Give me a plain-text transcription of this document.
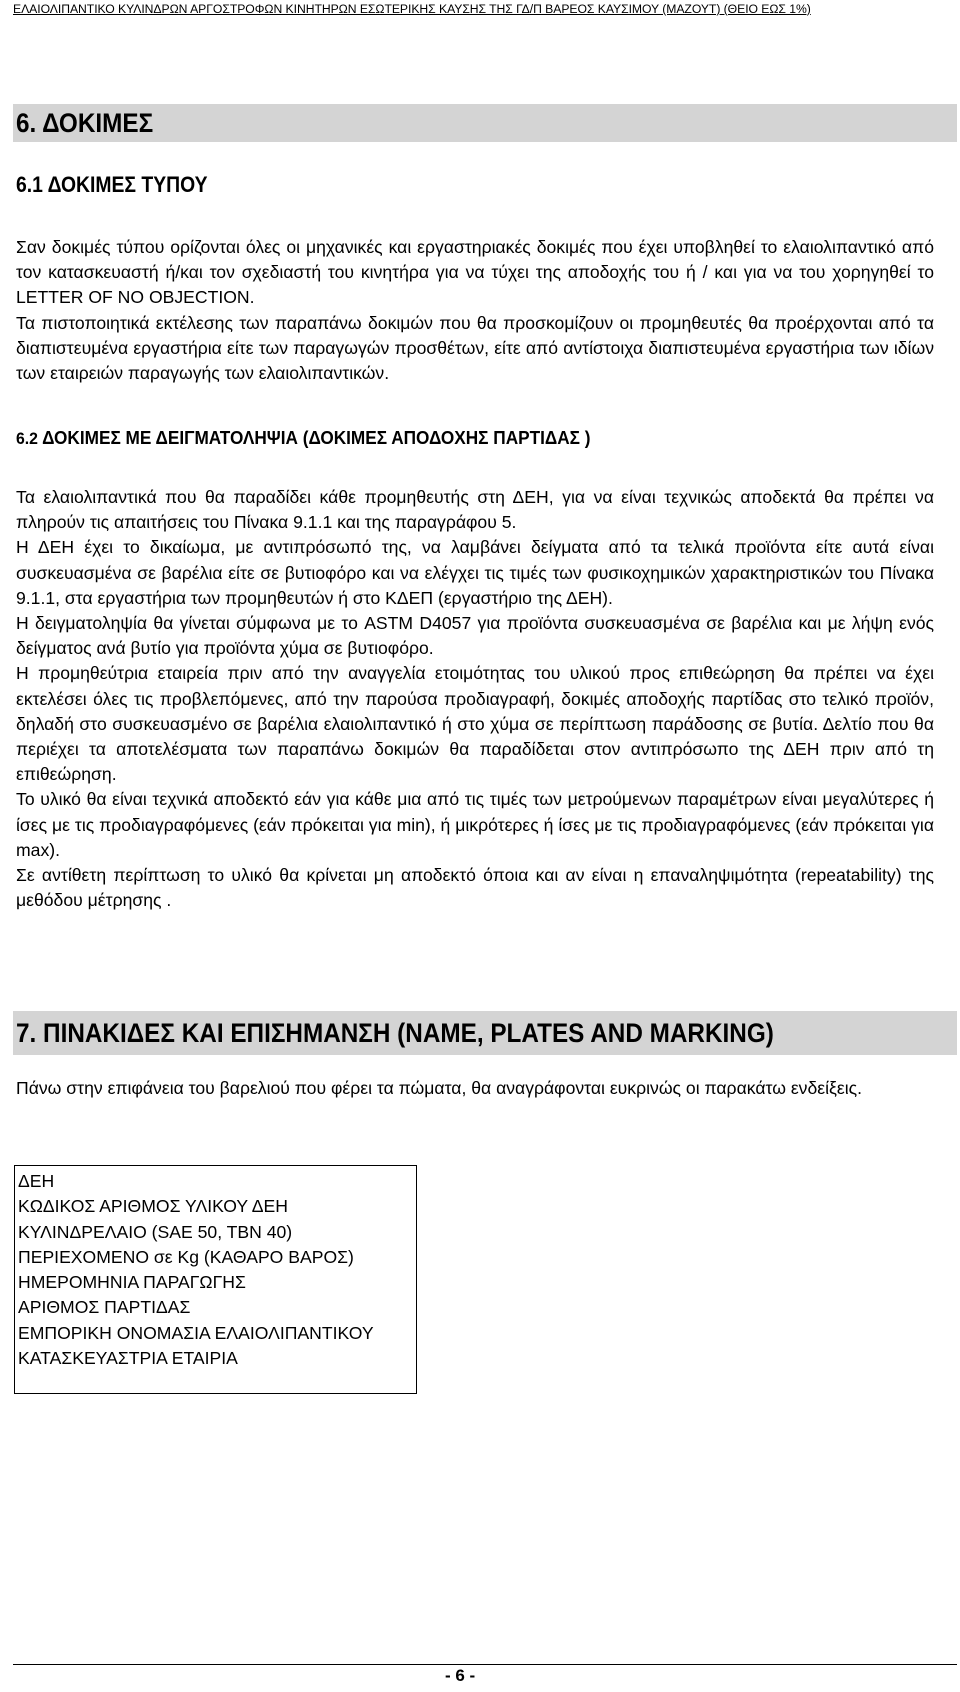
ΕΛΑΙΟΛΙΠΑΝΤΙΚΟ ΚΥΛΙΝΔΡΩΝ ΑΡΓΟΣΤΡΟΦΩΝ ΚΙΝΗΤΗΡΩΝ ΕΣΩΤΕΡΙΚΗΣ ΚΑΥΣΗΣ ΤΗΣ ΓΔ/Π ΒΑΡΕΟΣ ΚΑΥΣΙΜΟΥ (ΜΑΖΟΥΤ) (ΘΕΙΟ ΕΩΣ 1%)
6. ΔΟΚΙΜΕΣ
6.1 ΔΟΚΙΜΕΣ ΤΥΠΟΥ

Σαν δοκιμές τύπου ορίζονται όλες οι μηχανικές και εργαστηριακές δοκιμές που έχει υποβληθεί το ελαιολιπαντικό από τον κατασκευαστή ή/και τον σχεδιαστή του κινητήρα για να τύχει της αποδοχής του ή / και για να του χορηγηθεί το LETTER OF NO OBJECTION.

Τα πιστοποιητικά εκτέλεσης των παραπάνω δοκιμών που θα προσκομίζουν οι προμηθευτές θα προέρχονται από τα διαπιστευμένα εργαστήρια είτε των παραγωγών προσθέτων, είτε από αντίστοιχα διαπιστευμένα εργαστήρια των ιδίων των εταιρειών παραγωγής των ελαιολιπαντικών.

6.2 ΔΟΚΙΜΕΣ ΜΕ ΔΕΙΓΜΑΤΟΛΗΨΙΑ (ΔΟΚΙΜΕΣ ΑΠΟΔΟΧΗΣ ΠΑΡΤΙΔΑΣ )

Τα ελαιολιπαντικά που θα παραδίδει κάθε προμηθευτής στη ΔΕΗ, για να είναι τεχνικώς αποδεκτά θα πρέπει να πληρούν τις απαιτήσεις του Πίνακα 9.1.1 και της παραγράφου 5.

Η ΔΕΗ έχει το δικαίωμα, με αντιπρόσωπό της, να λαμβάνει δείγματα από τα τελικά προϊόντα είτε αυτά είναι συσκευασμένα σε βαρέλια είτε σε βυτιοφόρο και να ελέγχει τις τιμές των φυσικοχημικών χαρακτηριστικών του Πίνακα 9.1.1, στα εργαστήρια των προμηθευτών ή στο ΚΔΕΠ (εργαστήριο της ΔΕΗ).

Η δειγματοληψία θα γίνεται σύμφωνα με το ASTM D4057 για προϊόντα συσκευασμένα σε βαρέλια και με λήψη ενός δείγματος ανά βυτίο για προϊόντα χύμα σε βυτιοφόρο.

Η προμηθεύτρια εταιρεία πριν από την αναγγελία ετοιμότητας του υλικού προς επιθεώρηση θα πρέπει να έχει εκτελέσει όλες τις προβλεπόμενες, από την παρούσα προδιαγραφή, δοκιμές αποδοχής παρτίδας στο τελικό προϊόν, δηλαδή στο συσκευασμένο σε βαρέλια ελαιολιπαντικό ή στο χύμα σε περίπτωση παράδοσης σε βυτία. Δελτίο που θα περιέχει τα αποτελέσματα των παραπάνω δοκιμών θα παραδίδεται στον αντιπρόσωπο της ΔΕΗ πριν από τη επιθεώρηση.

Το υλικό θα είναι τεχνικά αποδεκτό εάν για κάθε μια από τις τιμές των μετρούμενων παραμέτρων είναι μεγαλύτερες ή ίσες με τις προδιαγραφόμενες (εάν πρόκειται για min), ή μικρότερες ή ίσες με τις προδιαγραφόμενες (εάν πρόκειται για max).

Σε αντίθετη περίπτωση το υλικό θα κρίνεται μη αποδεκτό όποια και αν είναι η επαναληψιμότητα (repeatability) της μεθόδου μέτρησης .

7. ΠΙΝΑΚΙΔΕΣ ΚΑΙ ΕΠΙΣΗΜΑΝΣΗ (NAME, PLATES AND MARKING)

Πάνω στην επιφάνεια του βαρελιού που φέρει τα πώματα, θα αναγράφονται ευκρινώς οι παρακάτω ενδείξεις.

ΔΕΗ
ΚΩΔΙΚΟΣ ΑΡΙΘΜΟΣ ΥΛΙΚΟΥ ΔΕΗ
ΚΥΛΙΝΔΡΕΛΑΙΟ (SAE 50, TBN 40)
ΠΕΡΙΕΧΟΜΕΝΟ σε Kg (ΚΑΘΑΡΟ ΒΑΡΟΣ)
ΗΜΕΡΟΜΗΝΙΑ ΠΑΡΑΓΩΓΗΣ
ΑΡΙΘΜΟΣ ΠΑΡΤΙΔΑΣ
ΕΜΠΟΡΙΚΗ ΟΝΟΜΑΣΙΑ ΕΛΑΙΟΛΙΠΑΝΤΙΚΟΥ
ΚΑΤΑΣΚΕΥΑΣΤΡΙΑ ΕΤΑΙΡΙΑ
- 6 -
